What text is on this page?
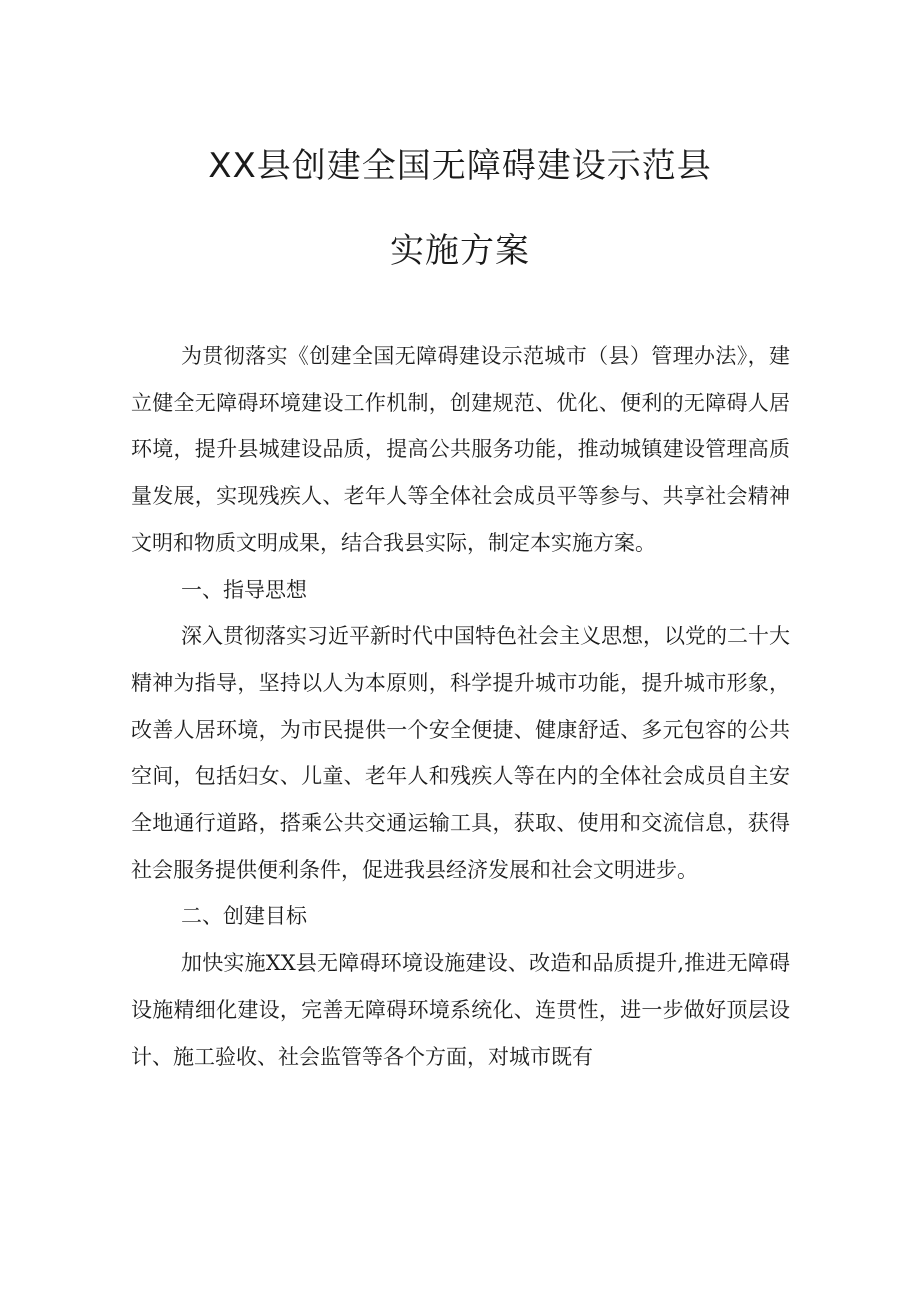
XX县创建全国无障碍建设示范县
实施方案

为贯彻落实《创建全国无障碍建设示范城市（县）管理办法》，建立健全无障碍环境建设工作机制，创建规范、优化、便利的无障碍人居环境，提升县城建设品质，提高公共服务功能，推动城镇建设管理高质量发展，实现残疾人、老年人等全体社会成员平等参与、共享社会精神文明和物质文明成果，结合我县实际，制定本实施方案。

一、指导思想

深入贯彻落实习近平新时代中国特色社会主义思想，以党的二十大精神为指导，坚持以人为本原则，科学提升城市功能，提升城市形象，改善人居环境，为市民提供一个安全便捷、健康舒适、多元包容的公共空间，包括妇女、儿童、老年人和残疾人等在内的全体社会成员自主安全地通行道路，搭乘公共交通运输工具，获取、使用和交流信息，获得社会服务提供便利条件，促进我县经济发展和社会文明进步。

二、创建目标

加快实施XX县无障碍环境设施建设、改造和品质提升,推进无障碍设施精细化建设，完善无障碍环境系统化、连贯性，进一步做好顶层设计、施工验收、社会监管等各个方面，对城市既有
